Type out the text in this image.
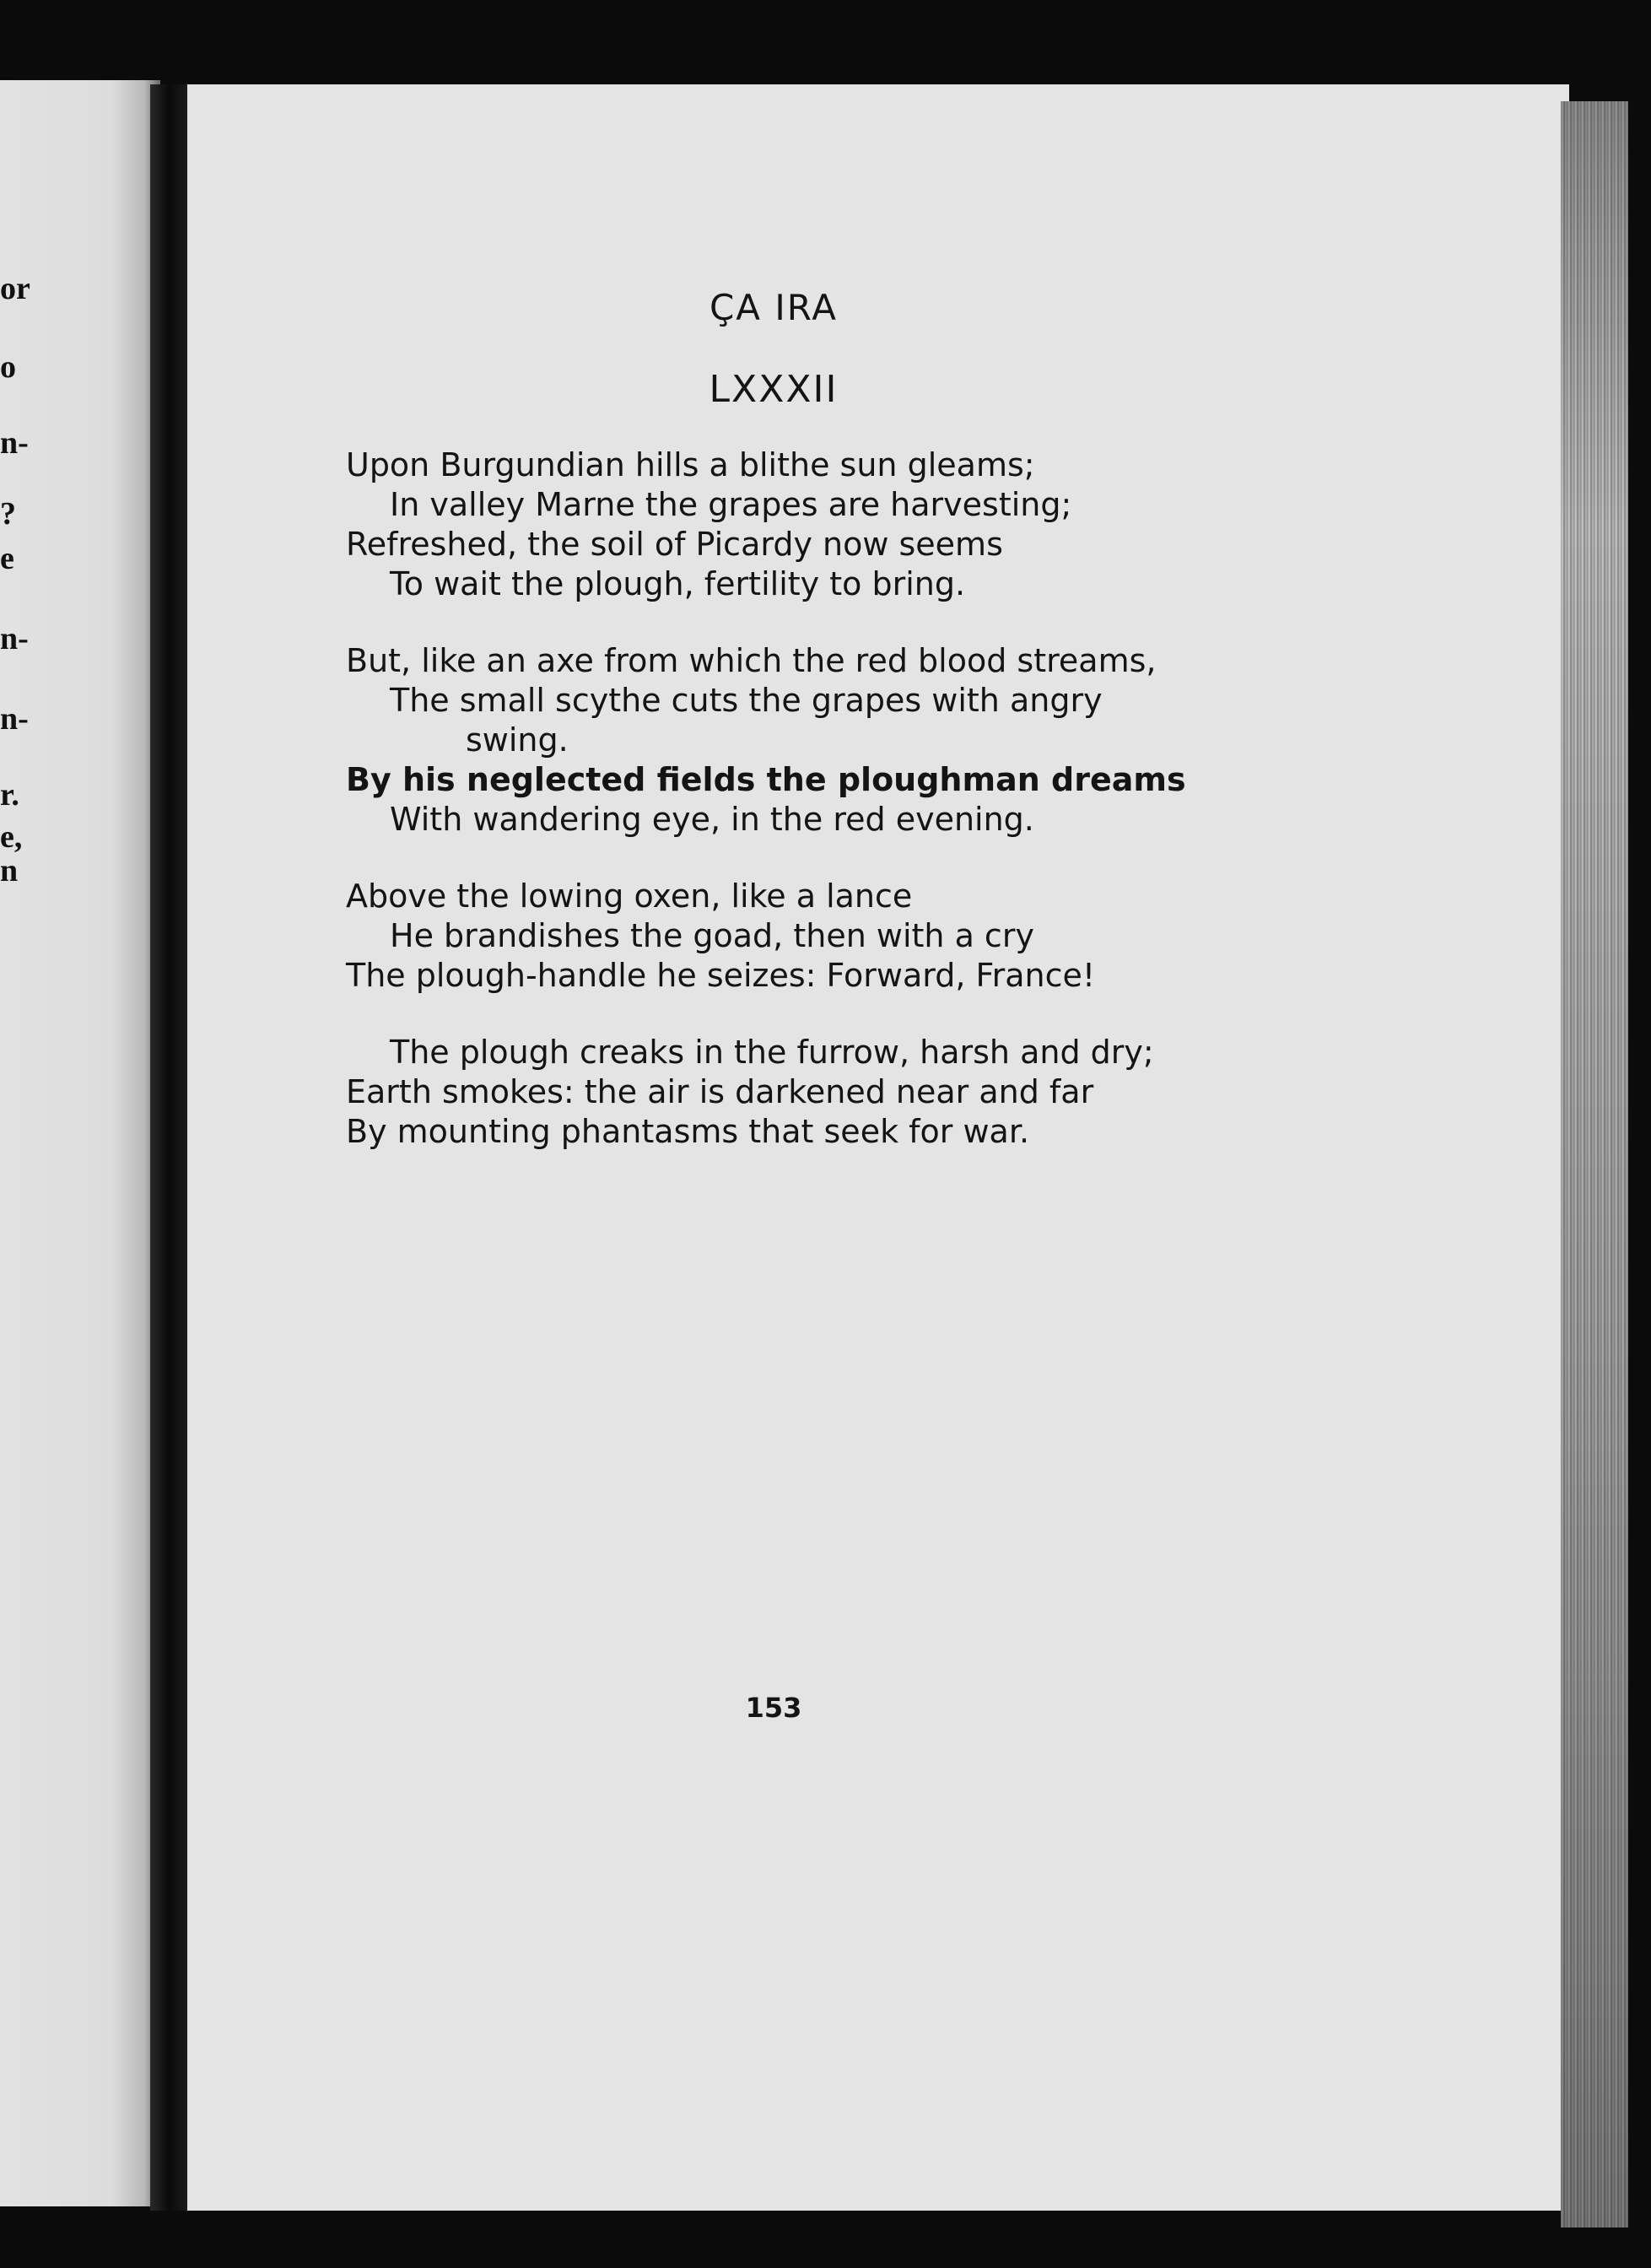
or
o
n-
?
e
n-
n-
r.
e,
n
ÇA IRA
LXXXII
Upon Burgundian hills a blithe sun gleams;
In valley Marne the grapes are harvesting;
Refreshed, the soil of Picardy now seems
To wait the plough, fertility to bring.
But, like an axe from which the red blood streams,
The small scythe cuts the grapes with angry
swing.
By his neglected fields the ploughman dreams
With wandering eye, in the red evening.
Above the lowing oxen, like a lance
He brandishes the goad, then with a cry
The plough-handle he seizes: Forward, France!
The plough creaks in the furrow, harsh and dry;
Earth smokes: the air is darkened near and far
By mounting phantasms that seek for war.
153
